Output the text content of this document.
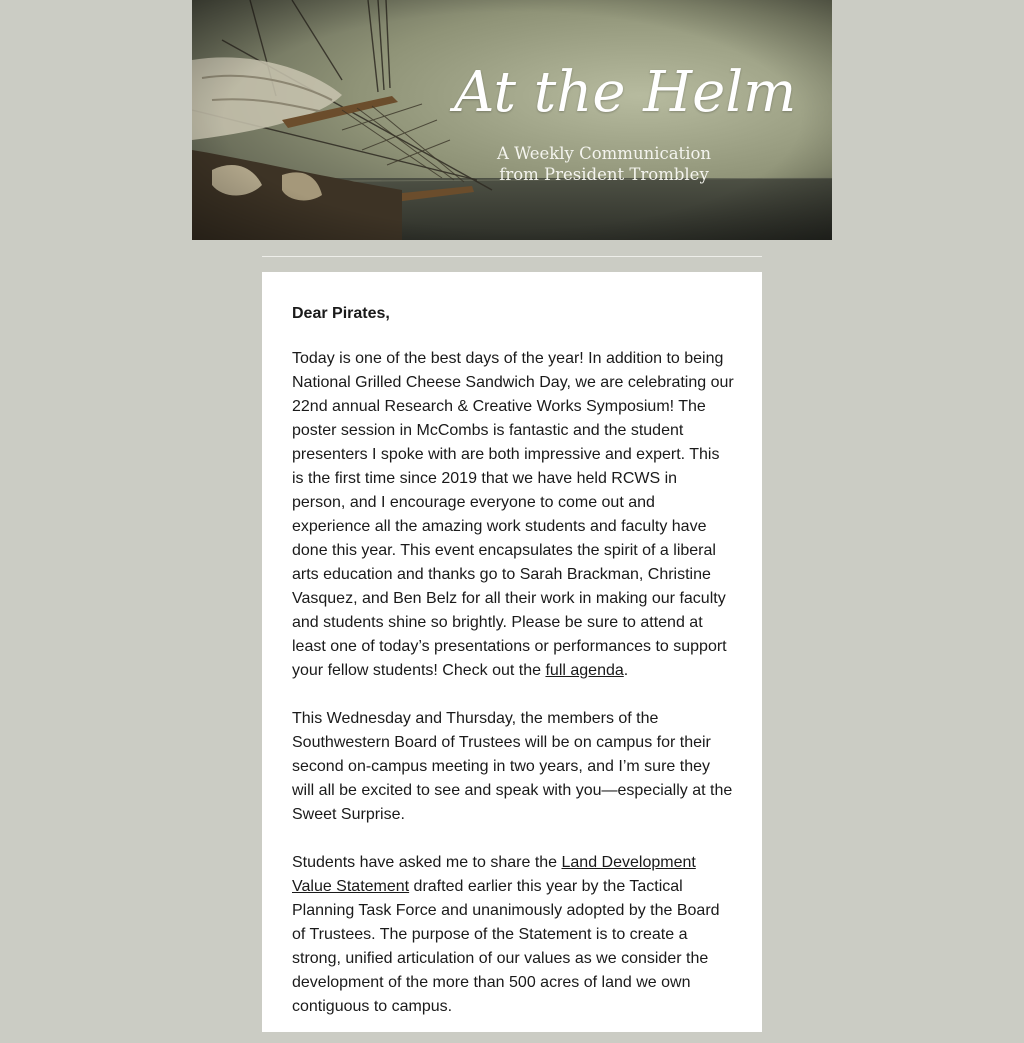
At the Helm
A Weekly Communication
from President Trombley
Dear Pirates,

Today is one of the best days of the year! In addition to being National Grilled Cheese Sandwich Day, we are celebrating our 22nd annual Research & Creative Works Symposium! The poster session in McCombs is fantastic and the student presenters I spoke with are both impressive and expert. This is the first time since 2019 that we have held RCWS in person, and I encourage everyone to come out and experience all the amazing work students and faculty have done this year. This event encapsulates the spirit of a liberal arts education and thanks go to Sarah Brackman, Christine Vasquez, and Ben Belz for all their work in making our faculty and students shine so brightly. Please be sure to attend at least one of today’s presentations or performances to support your fellow students! Check out the full agenda.

This Wednesday and Thursday, the members of the Southwestern Board of Trustees will be on campus for their second on-campus meeting in two years, and I’m sure they will all be excited to see and speak with you—especially at the Sweet Surprise.

Students have asked me to share the Land Development Value Statement drafted earlier this year by the Tactical Planning Task Force and unanimously adopted by the Board of Trustees. The purpose of the Statement is to create a strong, unified articulation of our values as we consider the development of the more than 500 acres of land we own contiguous to campus.
